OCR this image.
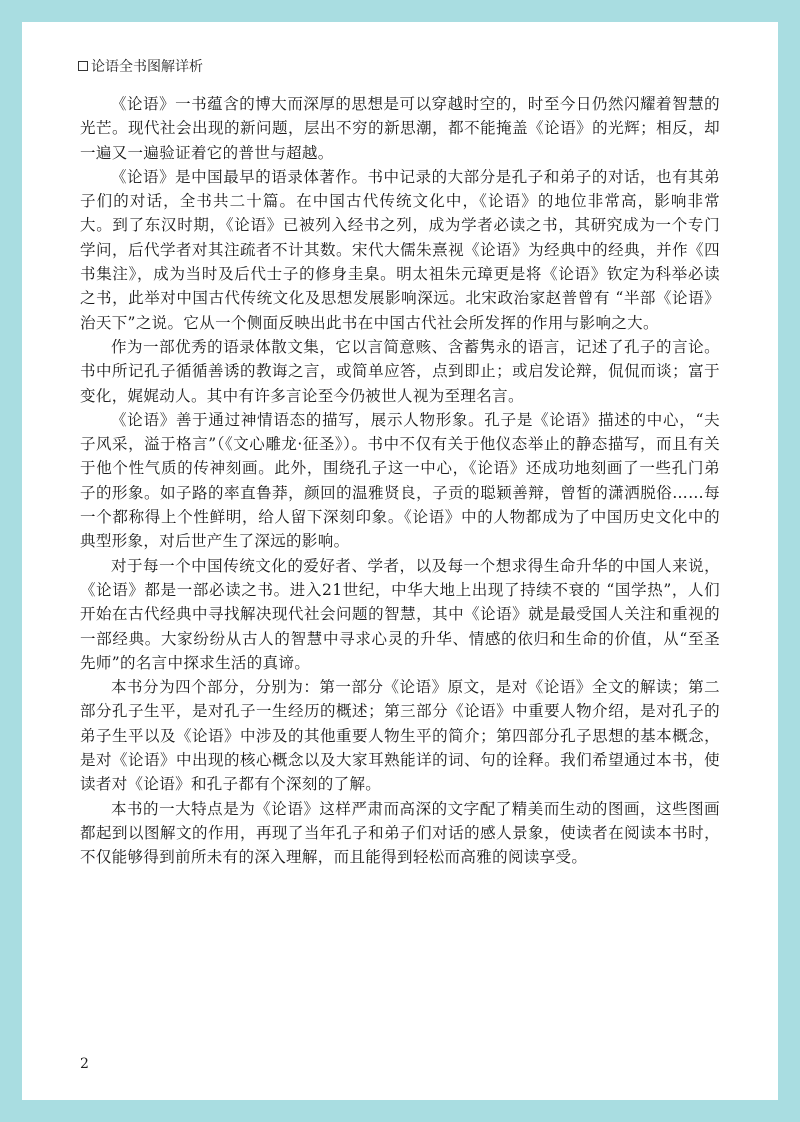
论语全书图解详析

《论语》一书蕴含的博大而深厚的思想是可以穿越时空的，时至今日仍然闪耀着智慧的光芒。现代社会出现的新问题，层出不穷的新思潮，都不能掩盖《论语》的光辉；相反，却一遍又一遍验证着它的普世与超越。

《论语》是中国最早的语录体著作。书中记录的大部分是孔子和弟子的对话，也有其弟子们的对话，全书共二十篇。在中国古代传统文化中，《论语》的地位非常高，影响非常大。到了东汉时期，《论语》已被列入经书之列，成为学者必读之书，其研究成为一个专门学问，后代学者对其注疏者不计其数。宋代大儒朱熹视《论语》为经典中的经典，并作《四书集注》，成为当时及后代士子的修身圭臬。明太祖朱元璋更是将《论语》钦定为科举必读之书，此举对中国古代传统文化及思想发展影响深远。北宋政治家赵普曾有 “半部《论语》治天下”之说。它从一个侧面反映出此书在中国古代社会所发挥的作用与影响之大。

作为一部优秀的语录体散文集，它以言简意赅、含蓄隽永的语言，记述了孔子的言论。书中所记孔子循循善诱的教诲之言，或简单应答，点到即止；或启发论辩，侃侃而谈；富于变化，娓娓动人。其中有许多言论至今仍被世人视为至理名言。

《论语》善于通过神情语态的描写，展示人物形象。孔子是《论语》描述的中心，“夫子风采，溢于格言”（《文心雕龙·征圣》）。书中不仅有关于他仪态举止的静态描写，而且有关于他个性气质的传神刻画。此外，围绕孔子这一中心，《论语》还成功地刻画了一些孔门弟子的形象。如子路的率直鲁莽，颜回的温雅贤良，子贡的聪颖善辩，曾皙的潇洒脱俗……每一个都称得上个性鲜明，给人留下深刻印象。《论语》中的人物都成为了中国历史文化中的典型形象，对后世产生了深远的影响。

对于每一个中国传统文化的爱好者、学者，以及每一个想求得生命升华的中国人来说，《论语》都是一部必读之书。进入21世纪，中华大地上出现了持续不衰的 “国学热”，人们开始在古代经典中寻找解决现代社会问题的智慧，其中《论语》就是最受国人关注和重视的一部经典。大家纷纷从古人的智慧中寻求心灵的升华、情感的依归和生命的价值，从“至圣先师”的名言中探求生活的真谛。

本书分为四个部分，分别为：第一部分《论语》原文，是对《论语》全文的解读；第二部分孔子生平，是对孔子一生经历的概述；第三部分《论语》中重要人物介绍，是对孔子的弟子生平以及《论语》中涉及的其他重要人物生平的简介；第四部分孔子思想的基本概念，是对《论语》中出现的核心概念以及大家耳熟能详的词、句的诠释。我们希望通过本书，使读者对《论语》和孔子都有个深刻的了解。

本书的一大特点是为《论语》这样严肃而高深的文字配了精美而生动的图画，这些图画都起到以图解文的作用，再现了当年孔子和弟子们对话的感人景象，使读者在阅读本书时，不仅能够得到前所未有的深入理解，而且能得到轻松而高雅的阅读享受。

2
